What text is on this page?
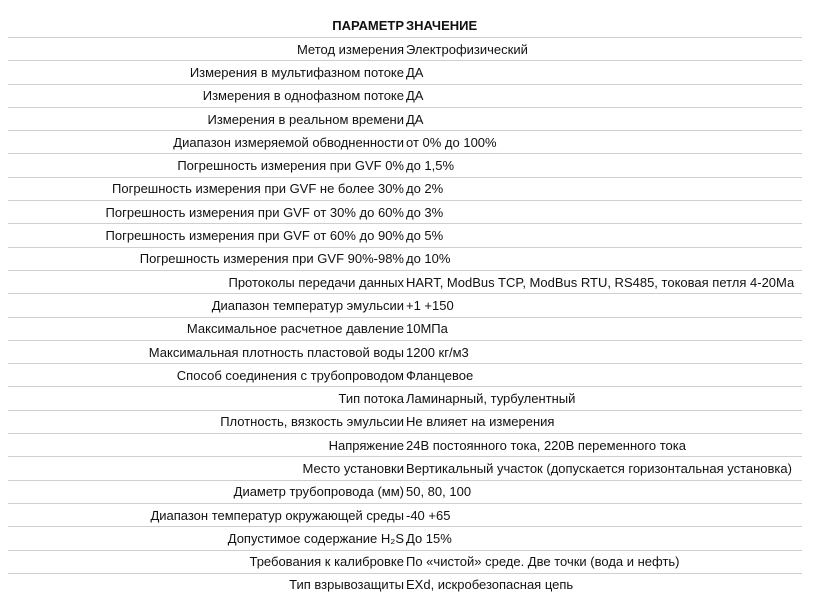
ПАРАМЕТР	ЗНАЧЕНИЕ
Метод измерения	Электрофизический
Измерения в мультифазном потоке	ДА
Измерения в однофазном потоке	ДА
Измерения в реальном времени	ДА
Диапазон измеряемой обводненности	от 0% до 100%
Погрешность измерения при GVF 0%	до 1,5%
Погрешность измерения при GVF не более 30%	до 2%
Погрешность измерения при GVF от 30% до 60%	до 3%
Погрешность измерения при GVF от 60% до 90%	до 5%
Погрешность измерения при GVF 90%-98%	до 10%
Протоколы передачи данных	HART, ModBus TCP, ModBus RTU, RS485, токовая петля 4-20Ма
Диапазон температур эмульсии	+1 +150
Максимальное расчетное давление	10МПа
Максимальная плотность пластовой воды	1200 кг/м3
Способ соединения с трубопроводом	Фланцевое
Тип потока	Ламинарный, турбулентный
Плотность, вязкость эмульсии	Не влияет на измерения
Напряжение	24В постоянного тока, 220В переменного тока
Место установки	Вертикальный участок (допускается горизонтальная установка)
Диаметр трубопровода (мм)	50, 80, 100
Диапазон температур окружающей среды	-40 +65
Допустимое содержание H₂S	До 15%
Требования к калибровке	По «чистой» среде. Две точки (вода и нефть)
Тип взрывозащиты	EXd, искробезопасная цепь
